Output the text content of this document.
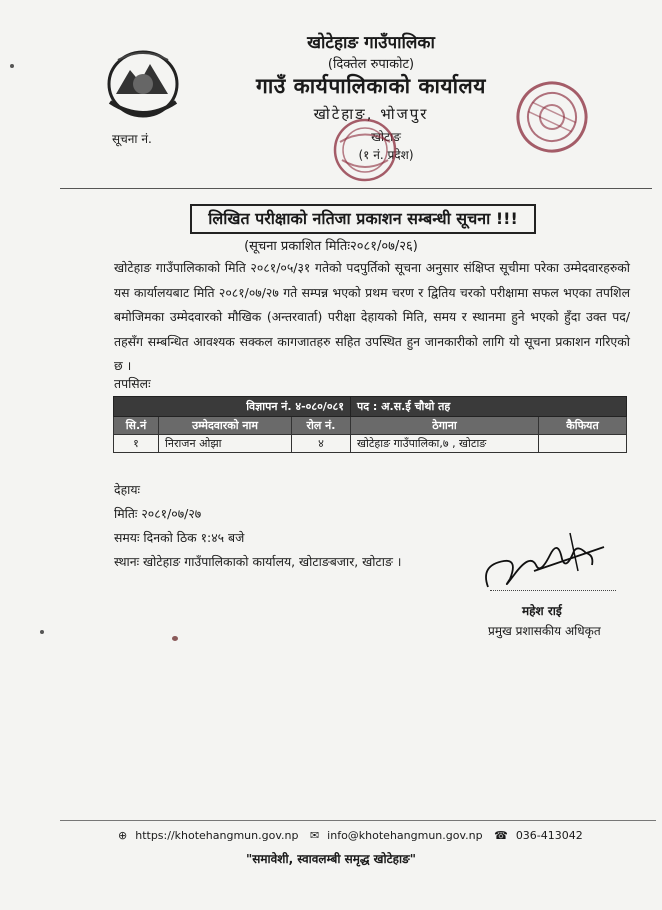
खोटेहाङ गाउँपालिका
(दिक्तेल रुपाकोट)
गाउँ कार्यपालिकाको कार्यालय
खोटेहाङ, भोजपुर
खोटाङ
(१ नं. प्रदेश)
सूचना नं.
लिखित परीक्षाको नतिजा प्रकाशन सम्बन्धी सूचना !!!
(सूचना प्रकाशित मितिः२०८१/०७/२६)
खोटेहाङ गाउँपालिकाको मिति २०८१/०५/३१ गतेको पदपुर्तिको सूचना अनुसार संक्षिप्त सूचीमा परेका उम्मेदवारहरुको यस कार्यालयबाट मिति २०८१/०७/२७ गते सम्पन्न भएको प्रथम चरण र द्वितिय चरको परीक्षामा सफल भएका तपशिल बमोजिमका उम्मेदवारको मौखिक (अन्तरवार्ता) परीक्षा देहायको मिति, समय र स्थानमा हुने भएको हुँदा उक्त पद/तहसँग सम्बन्धित आवश्यक सक्कल कागजातहरु सहित उपस्थित हुन जानकारीको लागि यो सूचना प्रकाशन गरिएको छ ।
तपसिलः
विज्ञापन नं. ४-०८०/०८१			पद : अ.स.ई चौथो तह	
सि.नं	उम्मेदवारको नाम	रोल नं.	ठेगाना	कैफियत
१	निराजन ओझा	४	खोटेहाङ गाउँपालिका,७ , खोटाङ	
देहायः
मितिः २०८१/०७/२७
समयः दिनको ठिक १:४५ बजे
स्थानः खोटेहाङ गाउँपालिकाको कार्यालय, खोटाङबजार, खोटाङ ।
महेश राई
प्रमुख प्रशासकीय अधिकृत
⊕ https://khotehangmun.gov.np ✉ info@khotehangmun.gov.np ☎ 036-413042
"समावेशी, स्वावलम्बी समृद्ध खोटेहाङ"
